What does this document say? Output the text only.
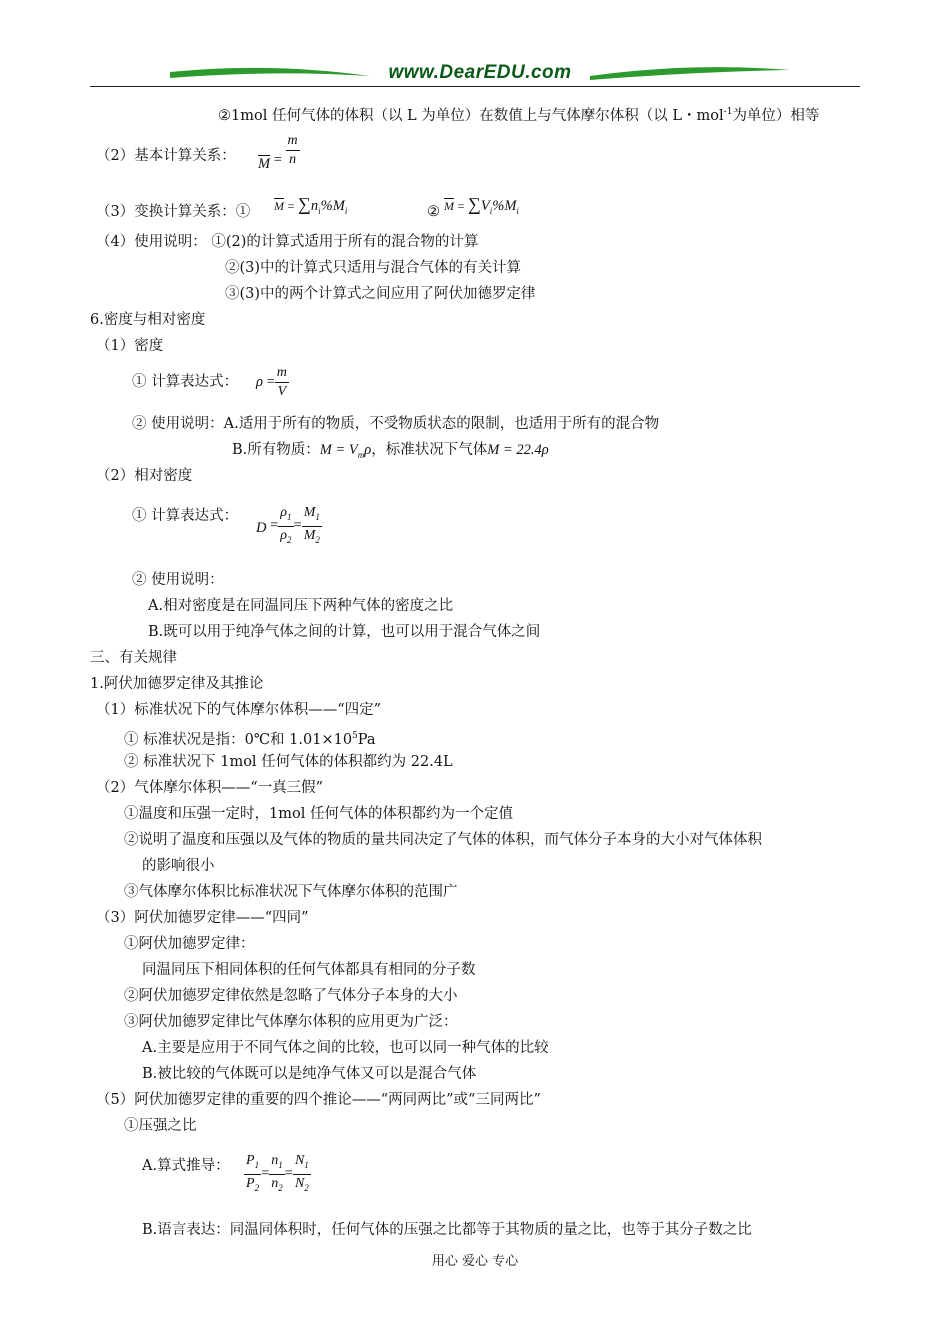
www.DearEDU.com
②1mol 任何气体的体积（以 L 为单位）在数值上与气体摩尔体积（以 L・mol$^{-1}$为单位）相等
（2）基本计算关系： $\overline{M} = \frac{m}{n}$
（3）变换计算关系：① $\overline{M} = \sum n_i\%M_i$	② $\overline{M} = \sum V_i\%M_i$
（4）使用说明： ①(2)的计算式适用于所有的混合物的计算
②(3)中的计算式只适用与混合气体的有关计算
③(3)中的两个计算式之间应用了阿伏加德罗定律
6.密度与相对密度
（1）密度
① 计算表达式： $\rho = \frac{m}{V}$
② 使用说明：A.适用于所有的物质，不受物质状态的限制，也适用于所有的混合物
B.所有物质：$M = V_m\rho$，标准状况下气体M = 22.4ρ
（2）相对密度
① 计算表达式：
$D = \frac{\rho_1}{\rho_2} = \frac{M_1}{M_2}$
② 使用说明：
A.相对密度是在同温同压下两种气体的密度之比
B.既可以用于纯净气体之间的计算，也可以用于混合气体之间
三、有关规律
1.阿伏加德罗定律及其推论
（1）标准状况下的气体摩尔体积——“四定”
① 标准状况是指：0℃和 $1.01\times 10^5Pa$
② 标准状况下 1mol 任何气体的体积都约为 22.4L
（2）气体摩尔体积——“一真三假”
①温度和压强一定时，1mol 任何气体的体积都约为一个定值
②说明了温度和压强以及气体的物质的量共同决定了气体的体积，而气体分子本身的大小对气体体积
的影响很小
③气体摩尔体积比标准状况下气体摩尔体积的范围广
（3）阿伏加德罗定律——“四同”
①阿伏加德罗定律：
同温同压下相同体积的任何气体都具有相同的分子数
②阿伏加德罗定律依然是忽略了气体分子本身的大小
③阿伏加德罗定律比气体摩尔体积的应用更为广泛：
A.主要是应用于不同气体之间的比较，也可以同一种气体的比较
B.被比较的气体既可以是纯净气体又可以是混合气体
（5）阿伏加德罗定律的重要的四个推论——“两同两比”或“三同两比”
①压强之比
A.算式推导： $\frac{P_1}{P_2} = \frac{n_1}{n_2} = \frac{N_1}{N_2}$
B.语言表达：同温同体积时，任何气体的压强之比都等于其物质的量之比，也等于其分子数之比
用心 爱心 专心
